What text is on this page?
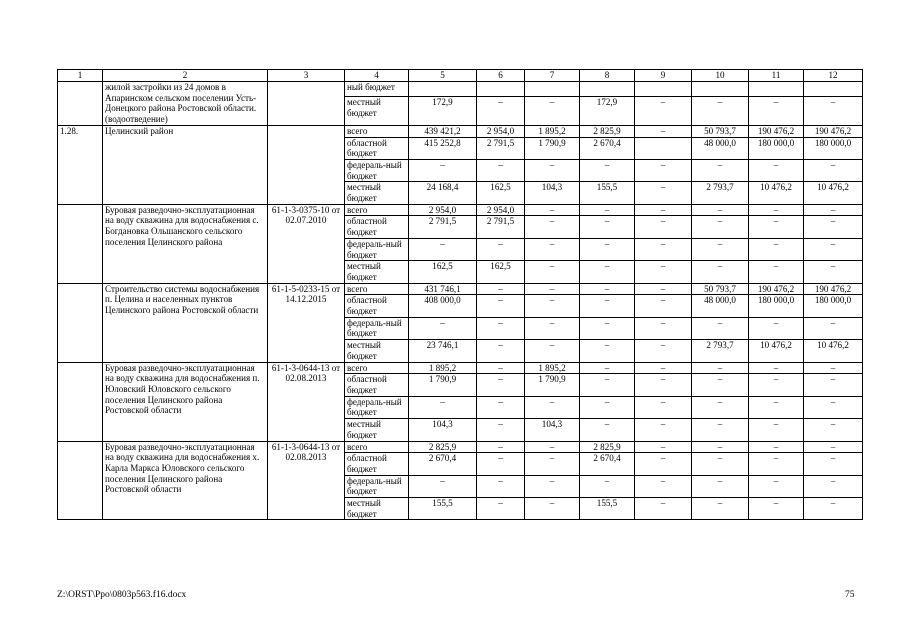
1	2	3	4	5	6	7	8	9	10	11	12
	жилой застройки из 24 домов в Апаринском сельском поселении Усть-Донецкого района Ростовской области. (водоотведение)		ный бюджет								
			местный бюджет	172,9	–	–	172,9	–	–	–	–
1.28.	Целинский район		всего	439 421,2	2 954,0	1 895,2	2 825,9	–	50 793,7	190 476,2	190 476,2
			областной бюджет	415 252,8	2 791,5	1 790,9	2 670,4		48 000,0	180 000,0	180 000,0
			федераль-ный бюджет	–	–	–	–	–	–	–	–
			местный бюджет	24 168,4	162,5	104,3	155,5	–	2 793,7	10 476,2	10 476,2
	Буровая разведочно-эксплуатационная на воду скважина для водоснабжения с. Богдановка Ольшанского сельского поселения Целинского района	61-1-3-0375-10 от 02.07.2010	всего	2 954,0	2 954,0	–	–	–	–	–	–
			областной бюджет	2 791,5	2 791,5	–	–	–	–	–	–
			федераль-ный бюджет	–	–	–	–	–	–	–	–
			местный бюджет	162,5	162,5	–	–	–	–	–	–
	Строительство системы водоснабжения п. Целина и населенных пунктов Целинского района Ростовской области	61-1-5-0233-15 от 14.12.2015	всего	431 746,1	–	–	–	–	50 793,7	190 476,2	190 476,2
			областной бюджет	408 000,0	–	–	–	–	48 000,0	180 000,0	180 000,0
			федераль-ный бюджет	–	–	–	–	–	–	–	–
			местный бюджет	23 746,1	–	–	–	–	2 793,7	10 476,2	10 476,2
	Буровая разведочно-эксплуатационная на воду скважина для водоснабжения п. Юловский Юловского сельского поселения Целинского района Ростовской области	61-1-3-0644-13 от 02.08.2013	всего	1 895,2	–	1 895,2	–	–	–	–	–
			областной бюджет	1 790,9	–	1 790,9	–	–	–	–	–
			федераль-ный бюджет	–	–	–	–	–	–	–	–
			местный бюджет	104,3	–	104,3	–	–	–	–	–
	Буровая разведочно-эксплуатационная на воду скважина для водоснабжения х. Карла Маркса Юловского сельского поселения Целинского района Ростовской области	61-1-3-0644-13 от 02.08.2013	всего	2 825,9	–	–	2 825,9	–	–	–	–
			областной бюджет	2 670,4	–	–	2 670,4	–	–	–	–
			федераль-ный бюджет	–	–	–	–	–	–	–	–
			местный бюджет	155,5	–	–	155,5	–	–	–	–
Z:\ORST\Ppo\0803p563.f16.docx	75
